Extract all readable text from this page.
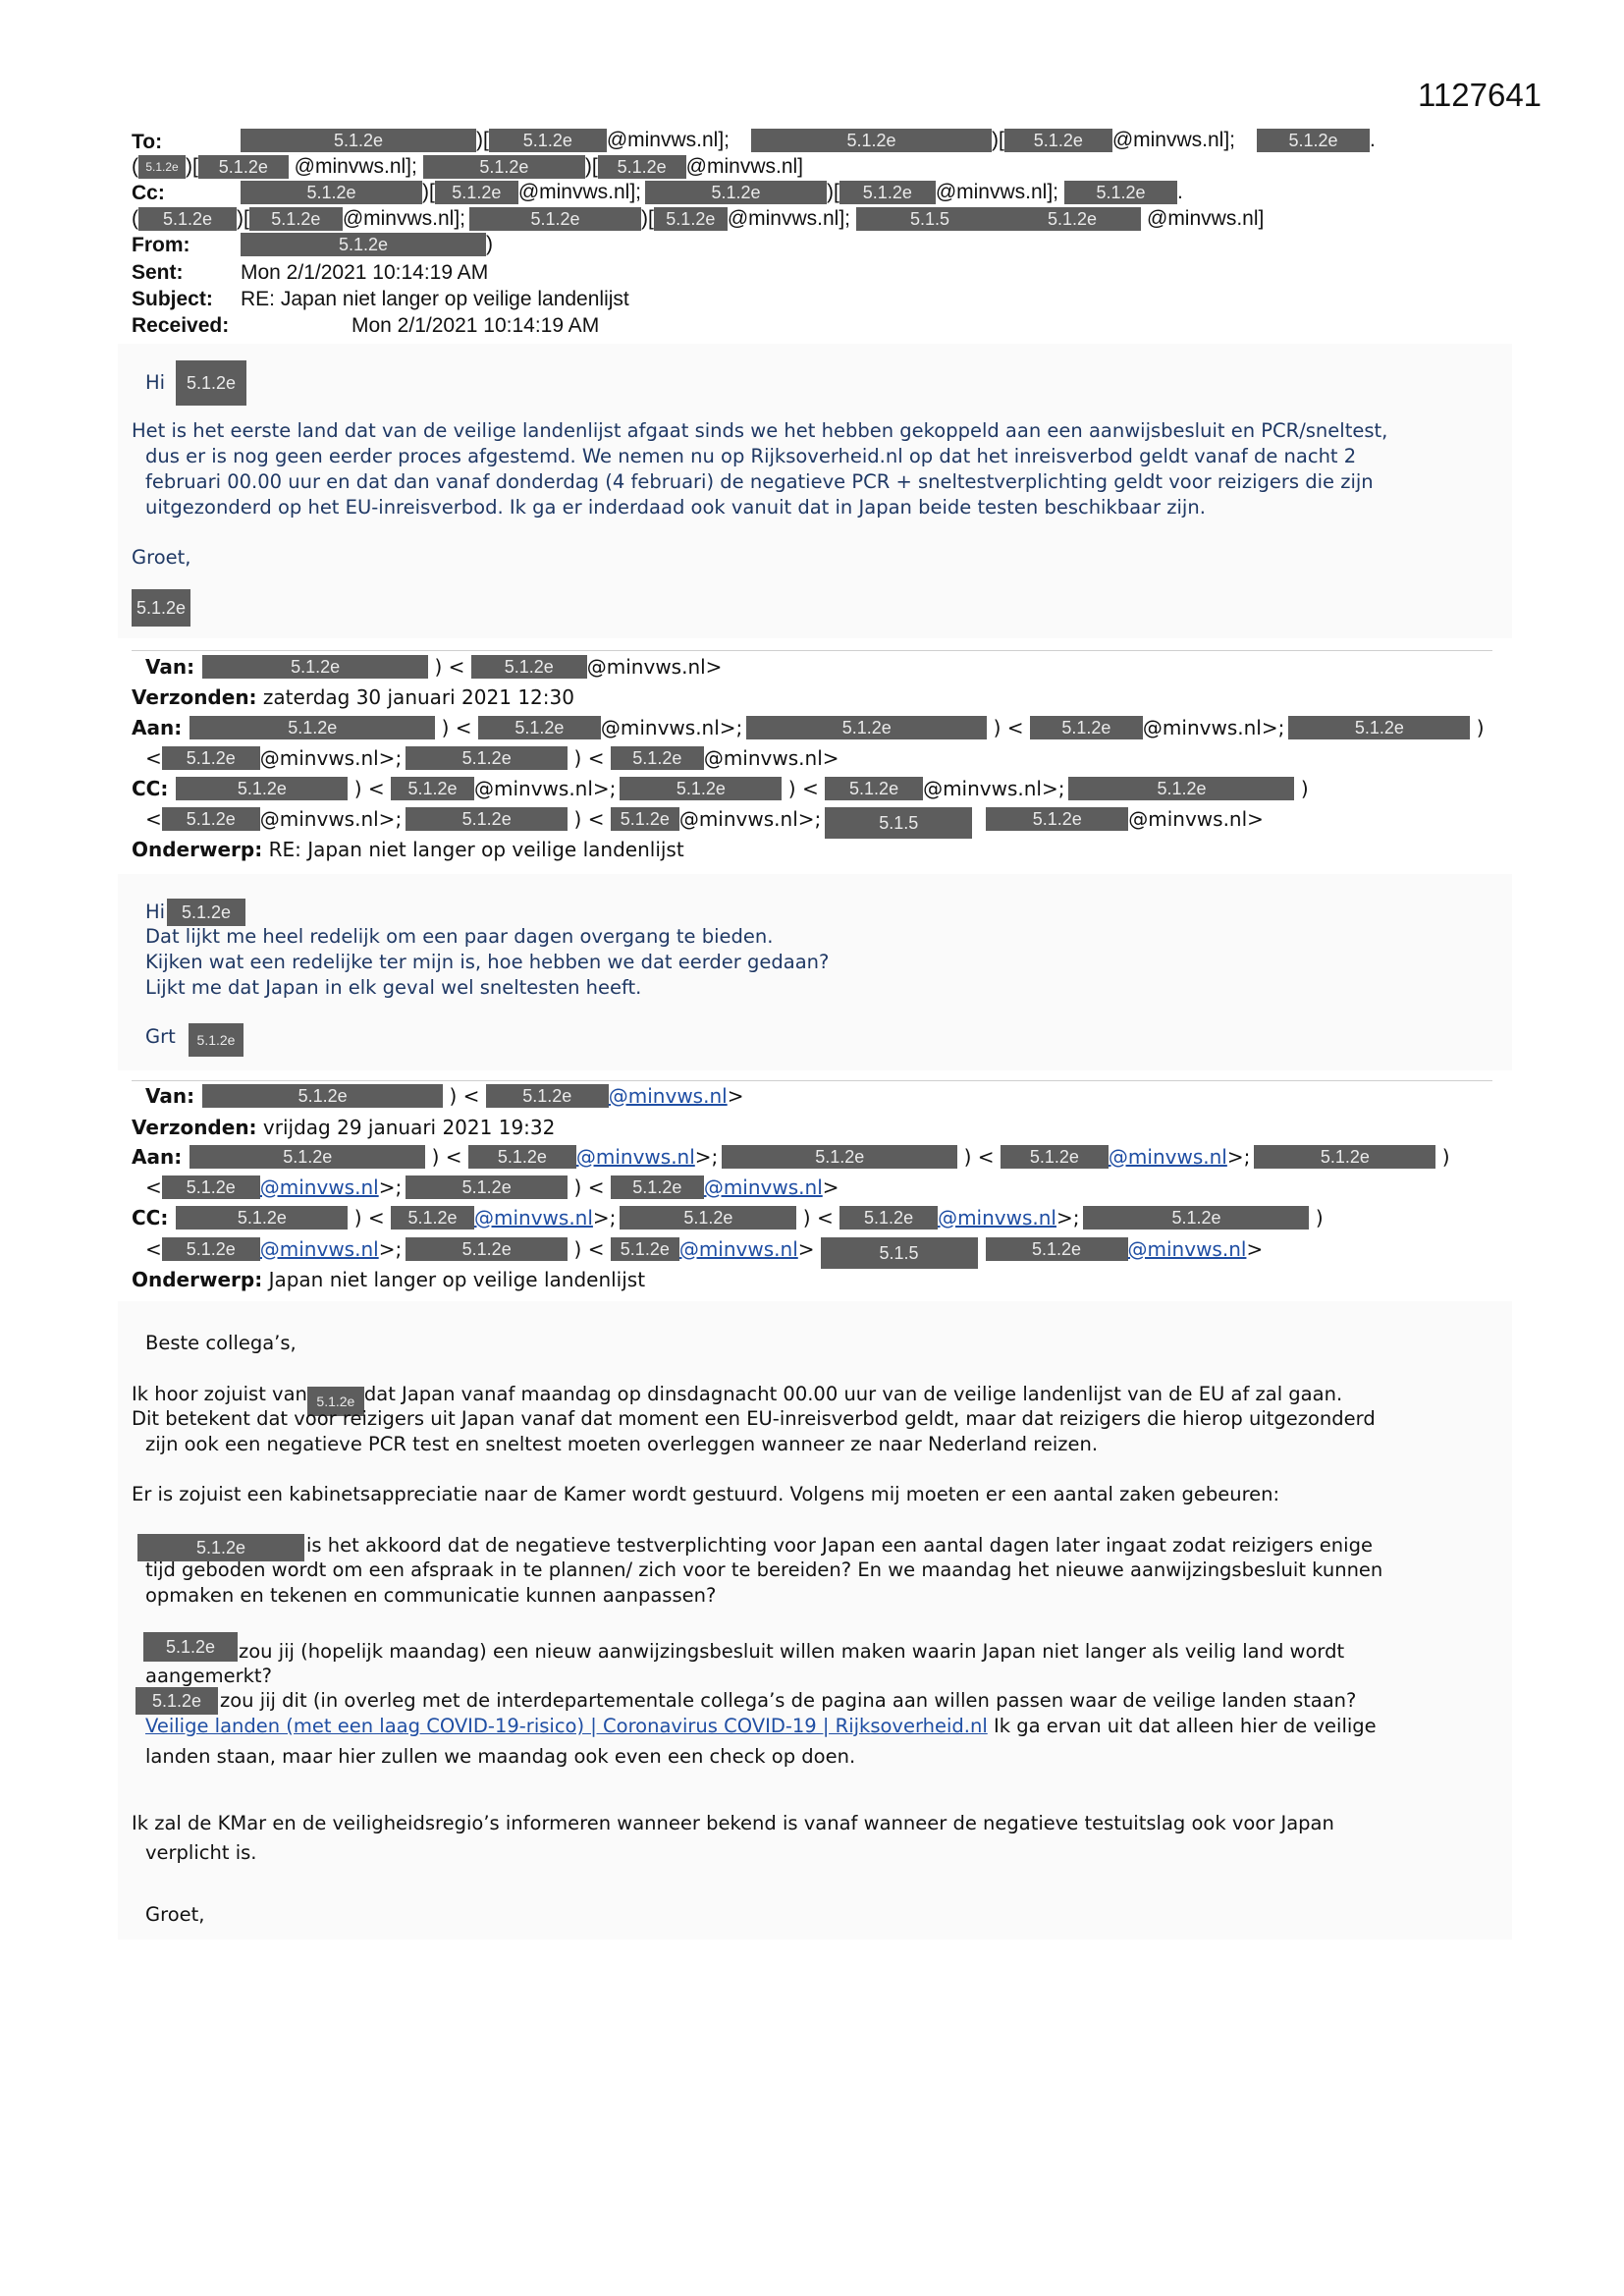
1127641
To:	5.1.2e	)[ 5.1.2e @minvws.nl];	5.1.2e	)[ 5.1.2e @minvws.nl];	5.1.2e .
( 5.1.2e )[ 5.1.2e @minvws.nl];	5.1.2e	)[ 5.1.2e @minvws.nl]
Cc:	5.1.2e	)[ 5.1.2e @minvws.nl];	5.1.2e	)[ 5.1.2e @minvws.nl]; 5.1.2e .
( 5.1.2e )[ 5.1.2e @minvws.nl];	5.1.2e	)[ 5.1.2e @minvws.nl];	5.1.5	5.1.2e @minvws.nl]
From:	5.1.2e	)
Sent:	Mon 2/1/2021 10:14:19 AM
Subject: RE: Japan niet langer op veilige landenlijst
Received:	Mon 2/1/2021 10:14:19 AM
Hi	5.1.2e
Het is het eerste land dat van de veilige landenlijst afgaat sinds we het hebben gekoppeld aan een aanwijsbesluit en PCR/sneltest,
dus er is nog geen eerder proces afgestemd. We nemen nu op Rijksoverheid.nl op dat het inreisverbod geldt vanaf de nacht 2
februari 00.00 uur en dat dan vanaf donderdag (4 februari) de negatieve PCR + sneltestverplichting geldt voor reizigers die zijn
uitgezonderd op het EU-inreisverbod. Ik ga er inderdaad ook vanuit dat in Japan beide testen beschikbaar zijn.
Groet,
5.1.2e
Van:	5.1.2e	) < 5.1.2e @minvws.nl>
Verzonden: zaterdag 30 januari 2021 12:30
Aan:	5.1.2e	) < 5.1.2e @minvws.nl>;	5.1.2e	) < 5.1.2e @minvws.nl>;	5.1.2e	)
< 5.1.2e @minvws.nl>;	5.1.2e	) < 5.1.2e @minvws.nl>
CC:	5.1.2e	) < 5.1.2e @minvws.nl>;	5.1.2e	) < 5.1.2e @minvws.nl>;	5.1.2e	)
< 5.1.2e @minvws.nl>;	5.1.2e	) < 5.1.2e @minvws.nl>;	5.1.5	5.1.2e @minvws.nl>
Onderwerp: RE: Japan niet langer op veilige landenlijst
Hi 5.1.2e
Dat lijkt me heel redelijk om een paar dagen overgang te bieden.
Kijken wat een redelijke ter mijn is, hoe hebben we dat eerder gedaan?
Lijkt me dat Japan in elk geval wel sneltesten heeft.
Grt	5.1.2e
Van:	5.1.2e	) < 5.1.2e @minvws.nl>
Verzonden: vrijdag 29 januari 2021 19:32
Aan:	5.1.2e	) < 5.1.2e @minvws.nl>;	5.1.2e	) < 5.1.2e @minvws.nl>;	5.1.2e	)
< 5.1.2e @minvws.nl>;	5.1.2e	) < 5.1.2e @minvws.nl>
CC:	5.1.2e	) < 5.1.2e @minvws.nl>;	5.1.2e	) < 5.1.2e @minvws.nl>;	5.1.2e	)
< 5.1.2e @minvws.nl>;	5.1.2e	) < 5.1.2e @minvws.nl>	5.1.5	5.1.2e @minvws.nl>
Onderwerp: Japan niet langer op veilige landenlijst
Beste collega’s,
Ik hoor zojuist van 5.1.2e dat Japan vanaf maandag op dinsdagnacht 00.00 uur van de veilige landenlijst van de EU af zal gaan.
Dit betekent dat voor reizigers uit Japan vanaf dat moment een EU-inreisverbod geldt, maar dat reizigers die hierop uitgezonderd
zijn ook een negatieve PCR test en sneltest moeten overleggen wanneer ze naar Nederland reizen.
Er is zojuist een kabinetsappreciatie naar de Kamer wordt gestuurd. Volgens mij moeten er een aantal zaken gebeuren:
5.1.2e	is het akkoord dat de negatieve testverplichting voor Japan een aantal dagen later ingaat zodat reizigers enige
tijd geboden wordt om een afspraak in te plannen/ zich voor te bereiden? En we maandag het nieuwe aanwijzingsbesluit kunnen
opmaken en tekenen en communicatie kunnen aanpassen?
5.1.2e	zou jij (hopelijk maandag) een nieuw aanwijzingsbesluit willen maken waarin Japan niet langer als veilig land wordt
aangemerkt?
5.1.2e zou jij dit (in overleg met de interdepartementale collega’s de pagina aan willen passen waar de veilige landen staan?
Veilige landen (met een laag COVID-19-risico) | Coronavirus COVID-19 | Rijksoverheid.nl Ik ga ervan uit dat alleen hier de veilige
landen staan, maar hier zullen we maandag ook even een check op doen.
Ik zal de KMar en de veiligheidsregio’s informeren wanneer bekend is vanaf wanneer de negatieve testuitslag ook voor Japan
verplicht is.
Groet,
